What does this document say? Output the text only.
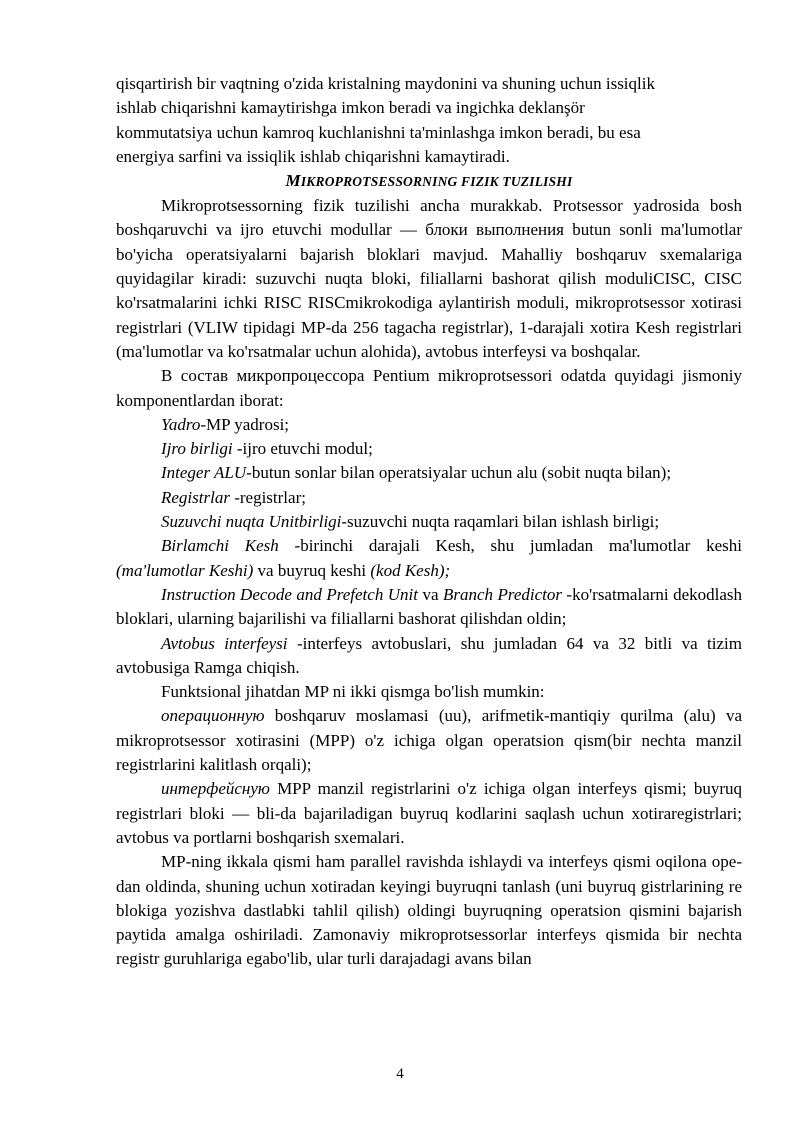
qisqartirish bir vaqtning o'zida kristalning maydonini va shuning uchun issiqlik

ishlab chiqarishni kamaytirishga imkon beradi va ingichka deklanşör

kommutatsiya uchun kamroq kuchlanishni ta'minlashga imkon beradi, bu esa

energiya sarfini va issiqlik ishlab chiqarishni kamaytiradi.

MIKROPROTSESSORNING FIZIK TUZILISHI

Mikroprotsessorning fizik tuzilishi ancha murakkab. Protsessor yadrosida bosh boshqaruvchi va ijro etuvchi modullar — блоки выполнения butun sonli ma'lumotlar bo'yicha operatsiyalarni bajarish bloklari mavjud. Mahalliy boshqaruv sxemalariga quyidagilar kiradi: suzuvchi nuqta bloki, filiallarni bashorat qilish moduliCISC, CISC ko'rsatmalarini ichki RISC RISCmikrokodiga aylantirish moduli, mikroprotsessor xotirasi registrlari (VLIW tipidagi MP-da 256 tagacha registrlar), 1-darajali xotira Kesh registrlari (ma'lumotlar va ko'rsatmalar uchun alohida), avtobus interfeysi va boshqalar.

В состав микропроцессора Pentium mikroprotsessori odatda quyidagi jismoniy komponentlardan iborat:

Yadro-MP yadrosi;

Ijro birligi -ijro etuvchi modul;

Integer ALU-butun sonlar bilan operatsiyalar uchun alu (sobit nuqta bilan);

Registrlar -registrlar;

Suzuvchi nuqta Unitbirligi-suzuvchi nuqta raqamlari bilan ishlash birligi;

Birlamchi Kesh -birinchi darajali Kesh, shu jumladan ma'lumotlar keshi (ma'lumotlar Keshi) va buyruq keshi (kod Kesh);

Instruction Decode and Prefetch Unit va Branch Predictor -ko'rsatmalarni dekodlash bloklari, ularning bajarilishi va filiallarni bashorat qilishdan oldin;

Avtobus interfeysi -interfeys avtobuslari, shu jumladan 64 va 32 bitli va tizim avtobusiga Ramga chiqish.

Funktsional jihatdan MP ni ikki qismga bo'lish mumkin:

операционную boshqaruv moslamasi (uu), arifmetik-mantiqiy qurilma (alu) va mikroprotsessor xotirasini (MPP) o'z ichiga olgan operatsion qism(bir nechta manzil registrlarini kalitlash orqali);

интерфейсную MPP manzil registrlarini o'z ichiga olgan interfeys qismi; buyruq registrlari bloki — bli-da bajariladigan buyruq kodlarini saqlash uchun xotiraregistrlari; avtobus va portlarni boshqarish sxemalari.

MP-ning ikkala qismi ham parallel ravishda ishlaydi va interfeys qismi oqilona ope-dan oldinda, shuning uchun xotiradan keyingi buyruqni tanlash (uni buyruq gistrlarining re blokiga yozishva dastlabki tahlil qilish) oldingi buyruqning operatsion qismini bajarish paytida amalga oshiriladi. Zamonaviy mikroprotsessorlar interfeys qismida bir nechta registr guruhlariga egabo'lib, ular turli darajadagi avans bilan

4
